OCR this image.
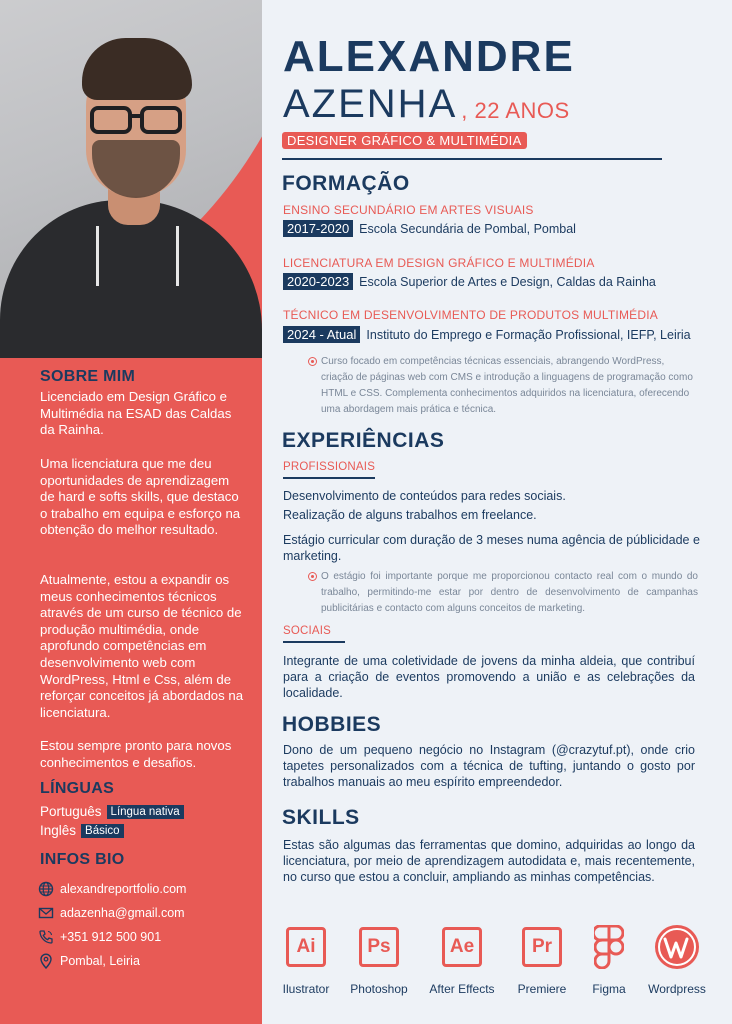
SOBRE MIM
Licenciado em Design Gráfico e Multimédia na ESAD das Caldas da Rainha.
Uma licenciatura que me deu oportunidades de aprendizagem de hard e softs skills, que destaco o trabalho em equipa e esforço na obtenção do melhor resultado.
Atualmente, estou a expandir os meus conhecimentos técnicos através de um curso de técnico de produção multimédia, onde aprofundo competências em desenvolvimento web com WordPress, Html e Css, além de reforçar conceitos já abordados na licenciatura.
Estou sempre pronto para novos conhecimentos e desafios.
LÍNGUAS
Português Língua nativa
Inglês Básico
INFOS BIO
alexandreportfolio.com
adazenha@gmail.com
+351 912 500 901
Pombal, Leiria
ALEXANDRE
AZENHA , 22 ANOS
DESIGNER GRÁFICO & MULTIMÉDIA
FORMAÇÃO
ENSINO SECUNDÁRIO EM ARTES VISUAIS
2017-2020 Escola Secundária de Pombal, Pombal
LICENCIATURA EM DESIGN GRÁFICO E MULTIMÉDIA
2020-2023 Escola Superior de Artes e Design, Caldas da Rainha
TÉCNICO EM DESENVOLVIMENTO DE PRODUTOS MULTIMÉDIA
2024 - Atual Instituto do Emprego e Formação Profissional, IEFP, Leiria
Curso focado em competências técnicas essenciais, abrangendo WordPress, criação de páginas web com CMS e introdução a linguagens de programação como HTML e CSS. Complementa conhecimentos adquiridos na licenciatura, oferecendo uma abordagem mais prática e técnica.
EXPERIÊNCIAS
PROFISSIONAIS
Desenvolvimento de conteúdos para redes sociais.
Realização de alguns trabalhos em freelance.
Estágio curricular com duração de 3 meses numa agência de públicidade e marketing.
O estágio foi importante porque me proporcionou contacto real com o mundo do trabalho, permitindo-me estar por dentro de desenvolvimento de campanhas publicitárias e contacto com alguns conceitos de marketing.
SOCIAIS
Integrante de uma coletividade de jovens da minha aldeia, que contribuí para a criação de eventos promovendo a união e as celebrações da localidade.
HOBBIES
Dono de um pequeno negócio no Instagram (@crazytuf.pt), onde crio tapetes personalizados com a técnica de tufting, juntando o gosto por trabalhos manuais ao meu espírito empreendedor.
SKILLS
Estas são algumas das ferramentas que domino, adquiridas ao longo da licenciatura, por meio de aprendizagem autodidata e, mais recentemente, no curso que estou a concluir, ampliando as minhas competências.
Ai
Ilustrator
Ps
Photoshop
Ae
After Effects
Pr
Premiere Figma Wordpress
